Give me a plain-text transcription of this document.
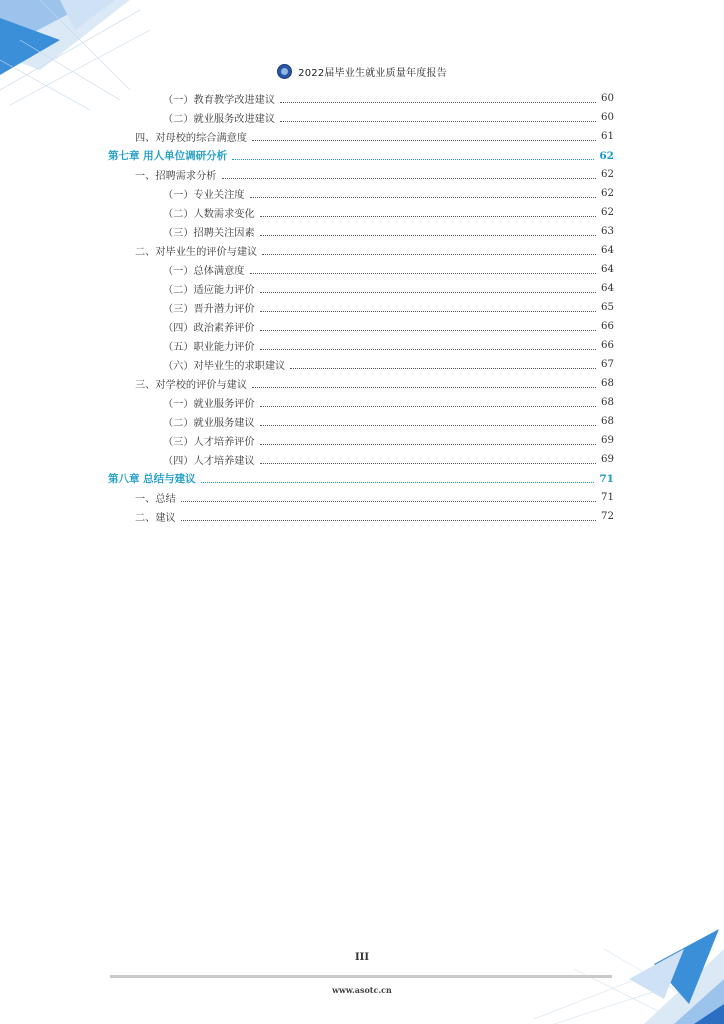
2022届毕业生就业质量年度报告
（一）教育教学改进建议	60
（二）就业服务改进建议	60
四、对母校的综合满意度	61
第七章 用人单位调研分析	62
一、招聘需求分析	62
（一）专业关注度	62
（二）人数需求变化	62
（三）招聘关注因素	63
二、对毕业生的评价与建议	64
（一）总体满意度	64
（二）适应能力评价	64
（三）晋升潜力评价	65
（四）政治素养评价	66
（五）职业能力评价	66
（六）对毕业生的求职建议	67
三、对学校的评价与建议	68
（一）就业服务评价	68
（二）就业服务建议	68
（三）人才培养评价	69
（四）人才培养建议	69
第八章 总结与建议	71
一、总结	71
二、建议	72
III
www.asotc.cn
